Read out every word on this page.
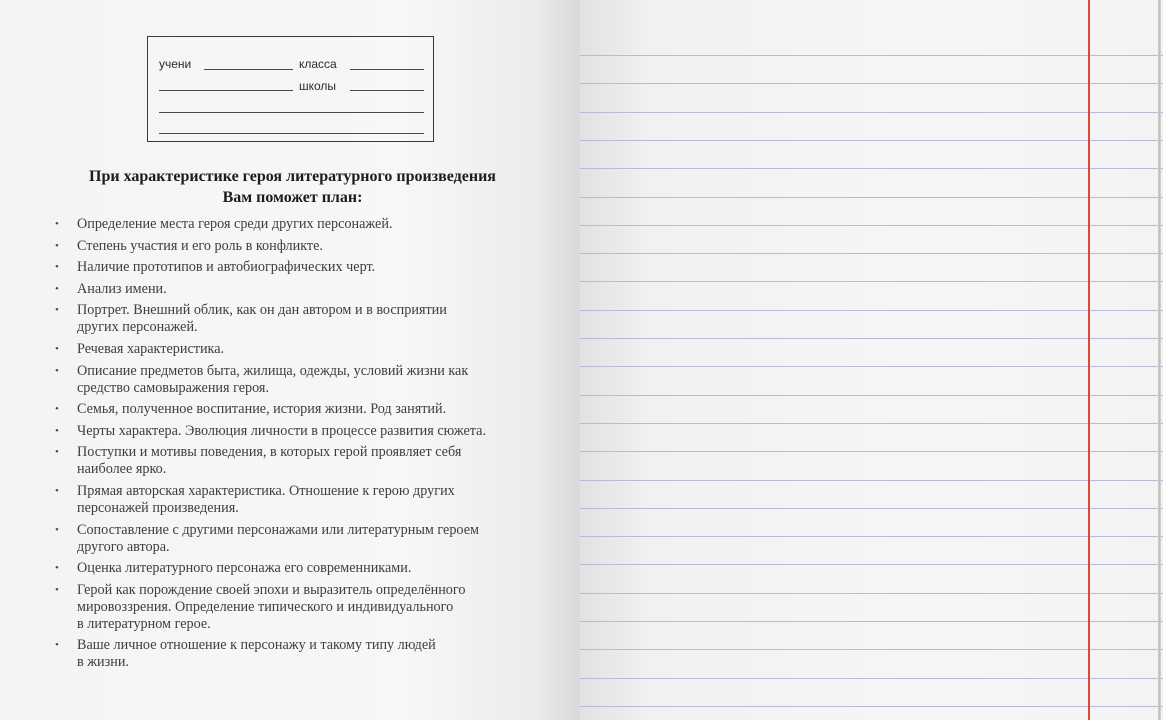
учени	класса
школы
При характеристике героя литературного произведения
Вам поможет план:
• Определение места героя среди других персонажей.
• Степень участия и его роль в конфликте.
• Наличие прототипов и автобиографических черт.
• Анализ имени.
• Портрет. Внешний облик, как он дан автором и в восприятии
других персонажей.
• Речевая характеристика.
• Описание предметов быта, жилища, одежды, условий жизни как
средство самовыражения героя.
• Семья, полученное воспитание, история жизни. Род занятий.
• Черты характера. Эволюция личности в процессе развития сюжета.
• Поступки и мотивы поведения, в которых герой проявляет себя
наиболее ярко.
• Прямая авторская характеристика. Отношение к герою других
персонажей произведения.
• Сопоставление с другими персонажами или литературным героем
другого автора.
• Оценка литературного персонажа его современниками.
• Герой как порождение своей эпохи и выразитель определённого
мировоззрения. Определение типического и индивидуального
в литературном герое.
• Ваше личное отношение к персонажу и такому типу людей
в жизни.
